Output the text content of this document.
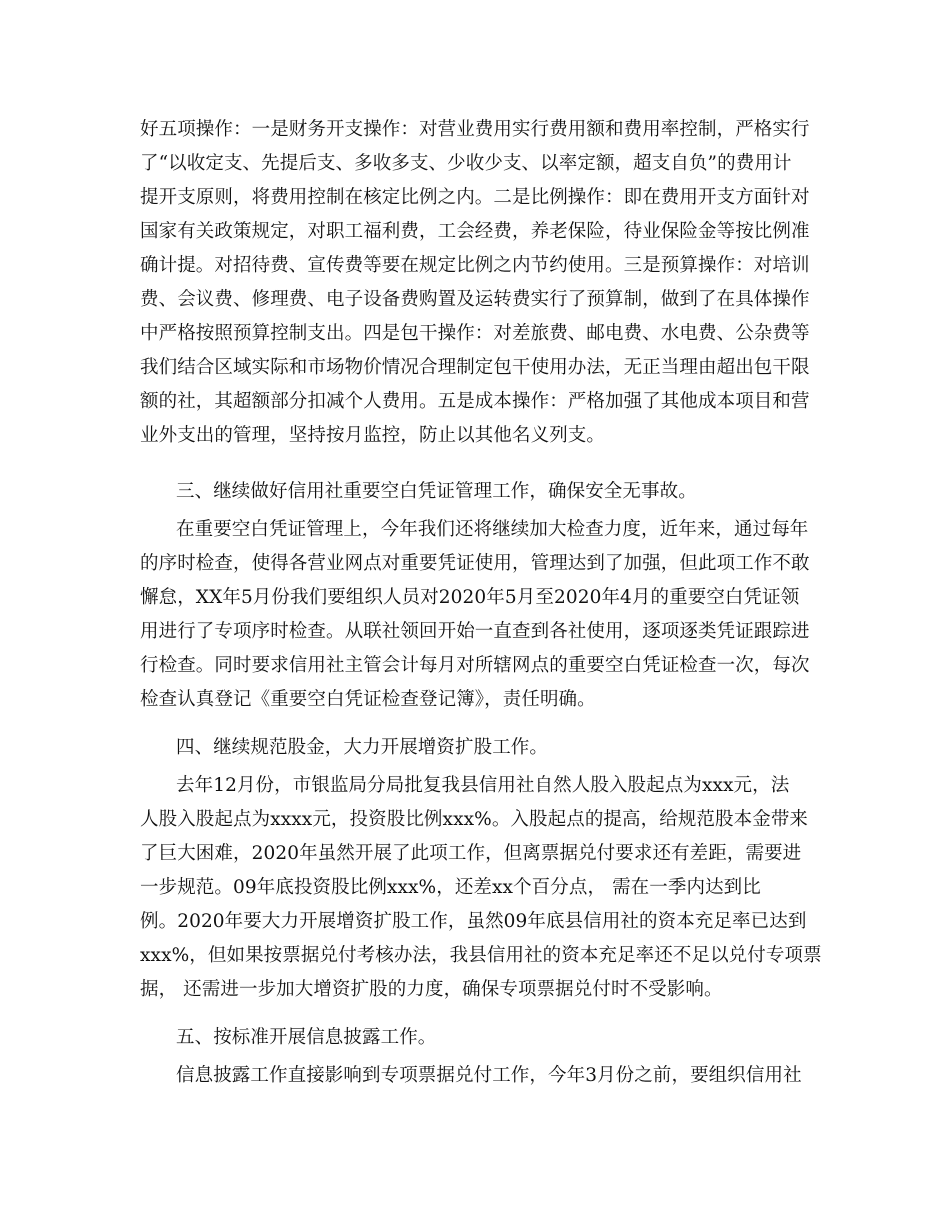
好五项操作：一是财务开支操作：对营业费用实行费用额和费用率控制，严格实行
了“以收定支、先提后支、多收多支、少收少支、以率定额，超支自负”的费用计
提开支原则，将费用控制在核定比例之内。二是比例操作：即在费用开支方面针对
国家有关政策规定，对职工福利费，工会经费，养老保险，待业保险金等按比例准
确计提。对招待费、宣传费等要在规定比例之内节约使用。三是预算操作：对培训
费、会议费、修理费、电子设备费购置及运转费实行了预算制，做到了在具体操作
中严格按照预算控制支出。四是包干操作：对差旅费、邮电费、水电费、公杂费等
我们结合区域实际和市场物价情况合理制定包干使用办法，无正当理由超出包干限
额的社，其超额部分扣减个人费用。五是成本操作：严格加强了其他成本项目和营
业外支出的管理，坚持按月监控，防止以其他名义列支。
三、继续做好信用社重要空白凭证管理工作，确保安全无事故。
在重要空白凭证管理上，今年我们还将继续加大检查力度，近年来，通过每年
的序时检查，使得各营业网点对重要凭证使用，管理达到了加强，但此项工作不敢
懈怠，XX年5月份我们要组织人员对2020年5月至2020年4月的重要空白凭证领
用进行了专项序时检查。从联社领回开始一直查到各社使用，逐项逐类凭证跟踪进
行检查。同时要求信用社主管会计每月对所辖网点的重要空白凭证检查一次，每次
检查认真登记《重要空白凭证检查登记簿》，责任明确。
四、继续规范股金，大力开展增资扩股工作。
去年12月份，市银监局分局批复我县信用社自然人股入股起点为xxx元，法
人股入股起点为xxxx元，投资股比例xxx%。入股起点的提高，给规范股本金带来
了巨大困难，2020年虽然开展了此项工作，但离票据兑付要求还有差距，需要进
一步规范。09年底投资股比例xxx%，还差xx个百分点， 需在一季内达到比
例。2020年要大力开展增资扩股工作，虽然09年底县信用社的资本充足率已达到
xxx%，但如果按票据兑付考核办法，我县信用社的资本充足率还不足以兑付专项票
据， 还需进一步加大增资扩股的力度，确保专项票据兑付时不受影响。
五、按标准开展信息披露工作。
信息披露工作直接影响到专项票据兑付工作，今年3月份之前，要组织信用社
